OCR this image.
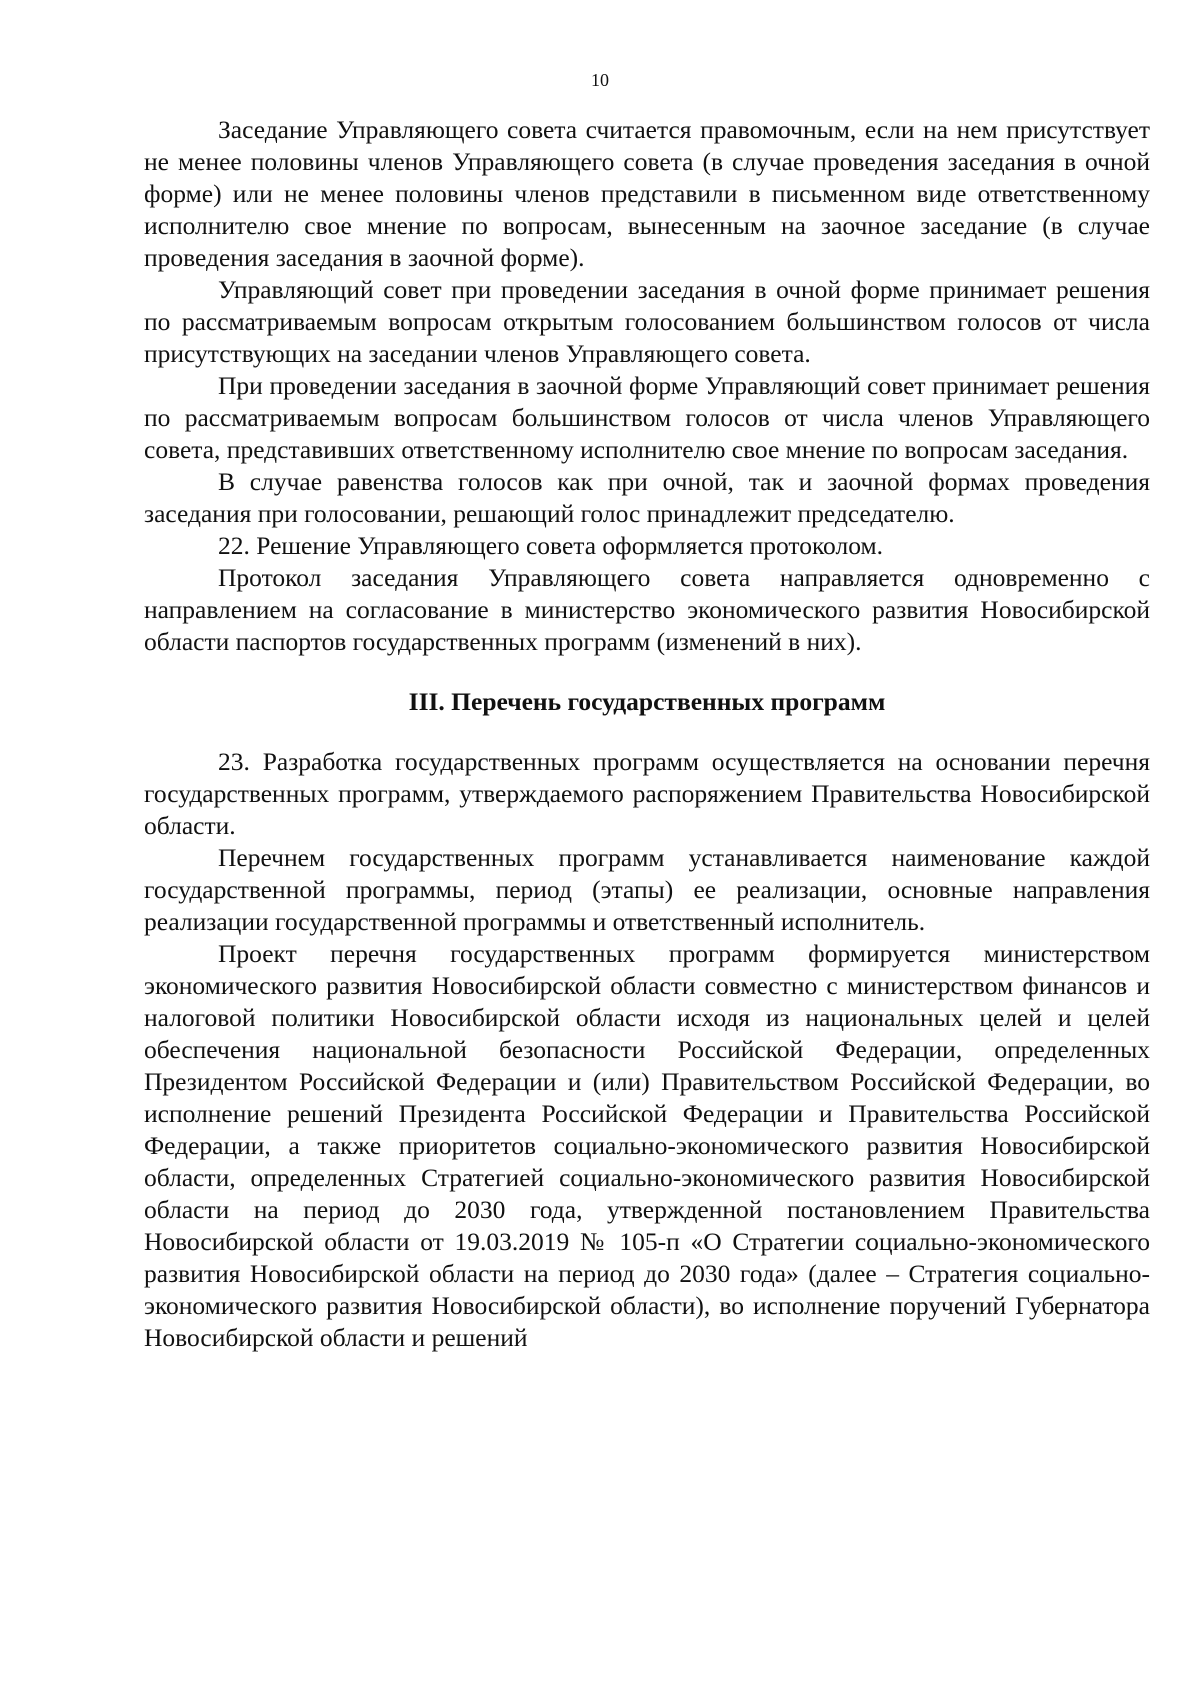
10

Заседание Управляющего совета считается правомочным, если на нем присутствует не менее половины членов Управляющего совета (в случае проведения заседания в очной форме) или не менее половины членов представили в письменном виде ответственному исполнителю свое мнение по вопросам, вынесенным на заочное заседание (в случае проведения заседания в заочной форме).

Управляющий совет при проведении заседания в очной форме принимает решения по рассматриваемым вопросам открытым голосованием большинством голосов от числа присутствующих на заседании членов Управляющего совета.

При проведении заседания в заочной форме Управляющий совет принимает решения по рассматриваемым вопросам большинством голосов от числа членов Управляющего совета, представивших ответственному исполнителю свое мнение по вопросам заседания.

В случае равенства голосов как при очной, так и заочной формах проведения заседания при голосовании, решающий голос принадлежит председателю.

22. Решение Управляющего совета оформляется протоколом.

Протокол заседания Управляющего совета направляется одновременно с направлением на согласование в министерство экономического развития Новосибирской области паспортов государственных программ (изменений в них).

III. Перечень государственных программ

23. Разработка государственных программ осуществляется на основании перечня государственных программ, утверждаемого распоряжением Правительства Новосибирской области.

Перечнем государственных программ устанавливается наименование каждой государственной программы, период (этапы) ее реализации, основные направления реализации государственной программы и ответственный исполнитель.

Проект перечня государственных программ формируется министерством экономического развития Новосибирской области совместно с министерством финансов и налоговой политики Новосибирской области исходя из национальных целей и целей обеспечения национальной безопасности Российской Федерации, определенных Президентом Российской Федерации и (или) Правительством Российской Федерации, во исполнение решений Президента Российской Федерации и Правительства Российской Федерации, а также приоритетов социально-экономического развития Новосибирской области, определенных Стратегией социально-экономического развития Новосибирской области на период до 2030 года, утвержденной постановлением Правительства Новосибирской области от 19.03.2019 № 105-п «О Стратегии социально-экономического развития Новосибирской области на период до 2030 года» (далее – Стратегия социально-экономического развития Новосибирской области), во исполнение поручений Губернатора Новосибирской области и решений
